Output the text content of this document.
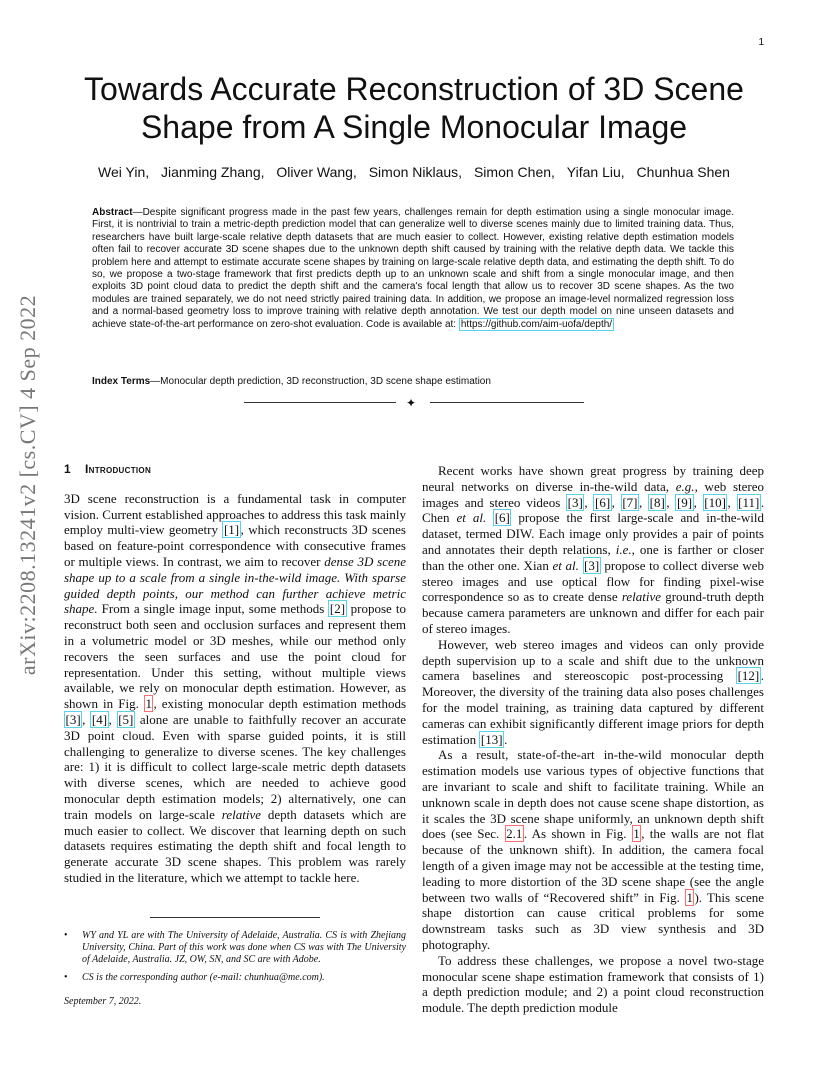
1
arXiv:2208.13241v2 [cs.CV] 4 Sep 2022
Towards Accurate Reconstruction of 3D Scene Shape from A Single Monocular Image
Wei Yin, Jianming Zhang, Oliver Wang, Simon Niklaus, Simon Chen, Yifan Liu, Chunhua Shen
Abstract—Despite significant progress made in the past few years, challenges remain for depth estimation using a single monocular image. First, it is nontrivial to train a metric-depth prediction model that can generalize well to diverse scenes mainly due to limited training data. Thus, researchers have built large-scale relative depth datasets that are much easier to collect. However, existing relative depth estimation models often fail to recover accurate 3D scene shapes due to the unknown depth shift caused by training with the relative depth data. We tackle this problem here and attempt to estimate accurate scene shapes by training on large-scale relative depth data, and estimating the depth shift. To do so, we propose a two-stage framework that first predicts depth up to an unknown scale and shift from a single monocular image, and then exploits 3D point cloud data to predict the depth shift and the camera's focal length that allow us to recover 3D scene shapes. As the two modules are trained separately, we do not need strictly paired training data. In addition, we propose an image-level normalized regression loss and a normal-based geometry loss to improve training with relative depth annotation. We test our depth model on nine unseen datasets and achieve state-of-the-art performance on zero-shot evaluation. Code is available at: https://github.com/aim-uofa/depth/
Index Terms—Monocular depth prediction, 3D reconstruction, 3D scene shape estimation
✦
1 Introduction

3D scene reconstruction is a fundamental task in computer vision. Current established approaches to address this task mainly employ multi-view geometry [1] , which reconstructs 3D scenes based on feature-point correspondence with consecutive frames or multiple views. In contrast, we aim to recover dense 3D scene shape up to a scale from a single in-the-wild image. With sparse guided depth points, our method can further achieve metric shape. From a single image input, some methods [2] propose to reconstruct both seen and occlusion surfaces and represent them in a volumetric model or 3D meshes, while our method only recovers the seen surfaces and use the point cloud for representation. Under this setting, without multiple views available, we rely on monocular depth estimation. However, as shown in Fig. 1 , existing monocular depth estimation methods [3] , [4] , [5] alone are unable to faithfully recover an accurate 3D point cloud. Even with sparse guided points, it is still challenging to generalize to diverse scenes. The key challenges are: 1) it is difficult to collect large-scale metric depth datasets with diverse scenes, which are needed to achieve good monocular depth estimation models; 2) alternatively, one can train models on large-scale relative depth datasets which are much easier to collect. We discover that learning depth on such datasets requires estimating the depth shift and focal length to generate accurate 3D scene shapes. This problem was rarely studied in the literature, which we attempt to tackle here.

• WY and YL are with The University of Adelaide, Australia. CS is with Zhejiang University, China. Part of this work was done when CS was with The University of Adelaide, Australia. JZ, OW, SN, and SC are with Adobe.
• CS is the corresponding author (e-mail: chunhua@me.com).
September 7, 2022.

Recent works have shown great progress by training deep neural networks on diverse in-the-wild data, e.g., web stereo images and stereo videos [3] , [6] , [7] , [8] , [9] , [10] , [11] . Chen et al. [6] propose the first large-scale and in-the-wild dataset, termed DIW. Each image only provides a pair of points and annotates their depth relations, i.e., one is farther or closer than the other one. Xian et al. [3] propose to collect diverse web stereo images and use optical flow for finding pixel-wise correspondence so as to create dense relative ground-truth depth because camera parameters are unknown and differ for each pair of stereo images.

However, web stereo images and videos can only provide depth supervision up to a scale and shift due to the unknown camera baselines and stereoscopic post-processing [12] . Moreover, the diversity of the training data also poses challenges for the model training, as training data captured by different cameras can exhibit significantly different image priors for depth estimation [13] .

As a result, state-of-the-art in-the-wild monocular depth estimation models use various types of objective functions that are invariant to scale and shift to facilitate training. While an unknown scale in depth does not cause scene shape distortion, as it scales the 3D scene shape uniformly, an unknown depth shift does (see Sec. 2.1 . As shown in Fig. 1 , the walls are not flat because of the unknown shift). In addition, the camera focal length of a given image may not be accessible at the testing time, leading to more distortion of the 3D scene shape (see the angle between two walls of “Recovered shift” in Fig. 1 ). This scene shape distortion can cause critical problems for some downstream tasks such as 3D view synthesis and 3D photography.

To address these challenges, we propose a novel two-stage monocular scene shape estimation framework that consists of 1) a depth prediction module; and 2) a point cloud reconstruction module. The depth prediction module
